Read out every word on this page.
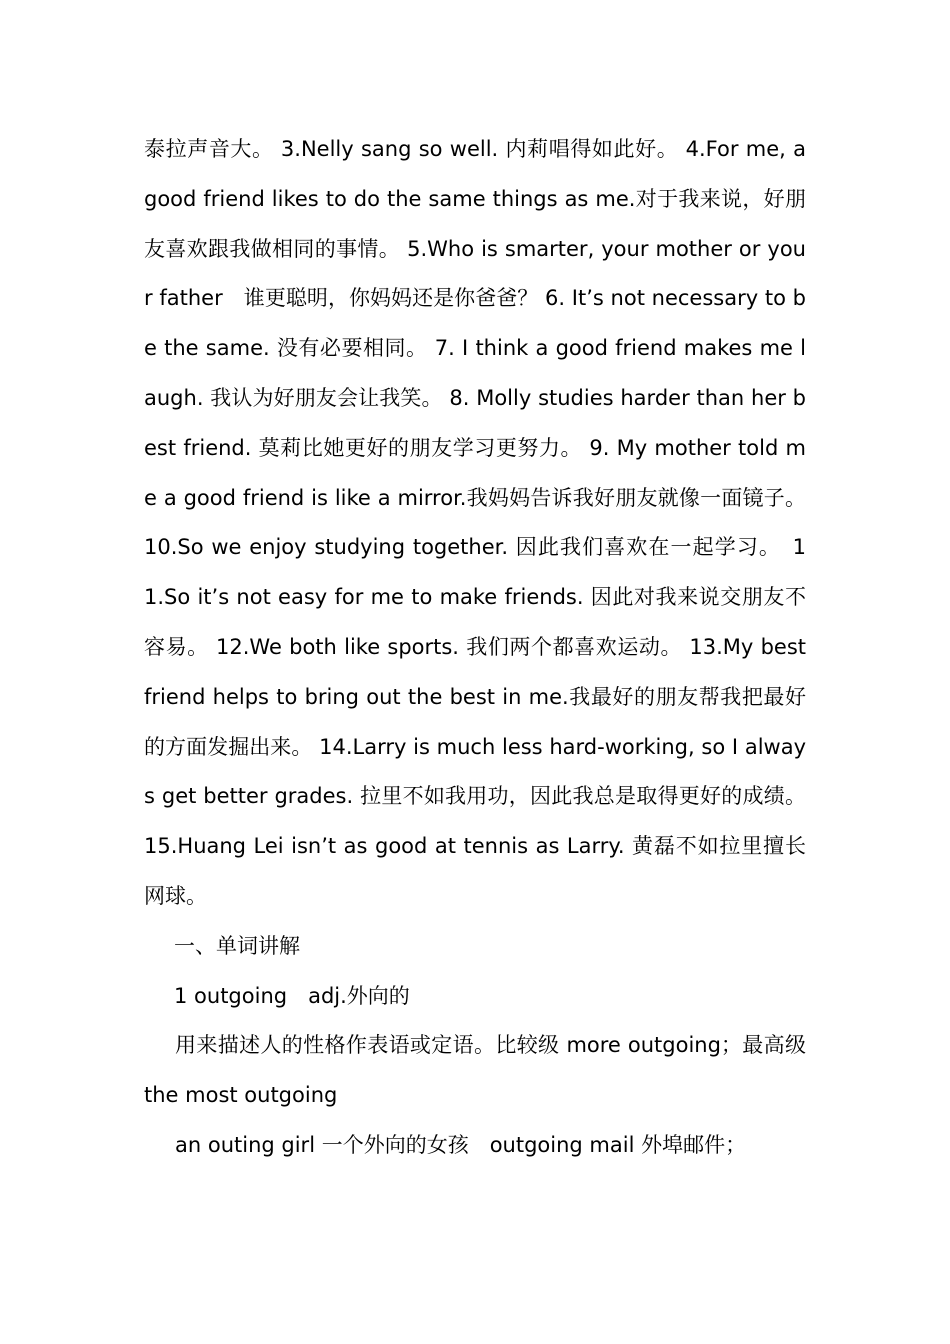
泰拉声音大。 3.Nelly sang so well. 内莉唱得如此好。 4.For me, a good friend likes to do the same things as me.对于我来说，好朋友喜欢跟我做相同的事情。 5.Who is smarter, your mother or your father　谁更聪明，你妈妈还是你爸爸？ 6. It’s not necessary to be the same. 没有必要相同。 7. I think a good friend makes me laugh. 我认为好朋友会让我笑。 8. Molly studies harder than her best friend. 莫莉比她更好的朋友学习更努力。 9. My mother told me a good friend is like a mirror.我妈妈告诉我好朋友就像一面镜子。 10.So we enjoy studying together. 因此我们喜欢在一起学习。　11.So it’s not easy for me to make friends. 因此对我来说交朋友不容易。 12.We both like sports. 我们两个都喜欢运动。 13.My best friend helps to bring out the best in me.我最好的朋友帮我把最好的方面发掘出来。 14.Larry is much less hard-working, so I always get better grades. 拉里不如我用功，因此我总是取得更好的成绩。 15.Huang Lei isn’t as good at tennis as Larry. 黄磊不如拉里擅长网球。

一、单词讲解

1 outgoing　adj.外向的

用来描述人的性格作表语或定语。比较级 more outgoing；最高级 the most outgoing

an outing girl 一个外向的女孩　outgoing mail 外埠邮件；
